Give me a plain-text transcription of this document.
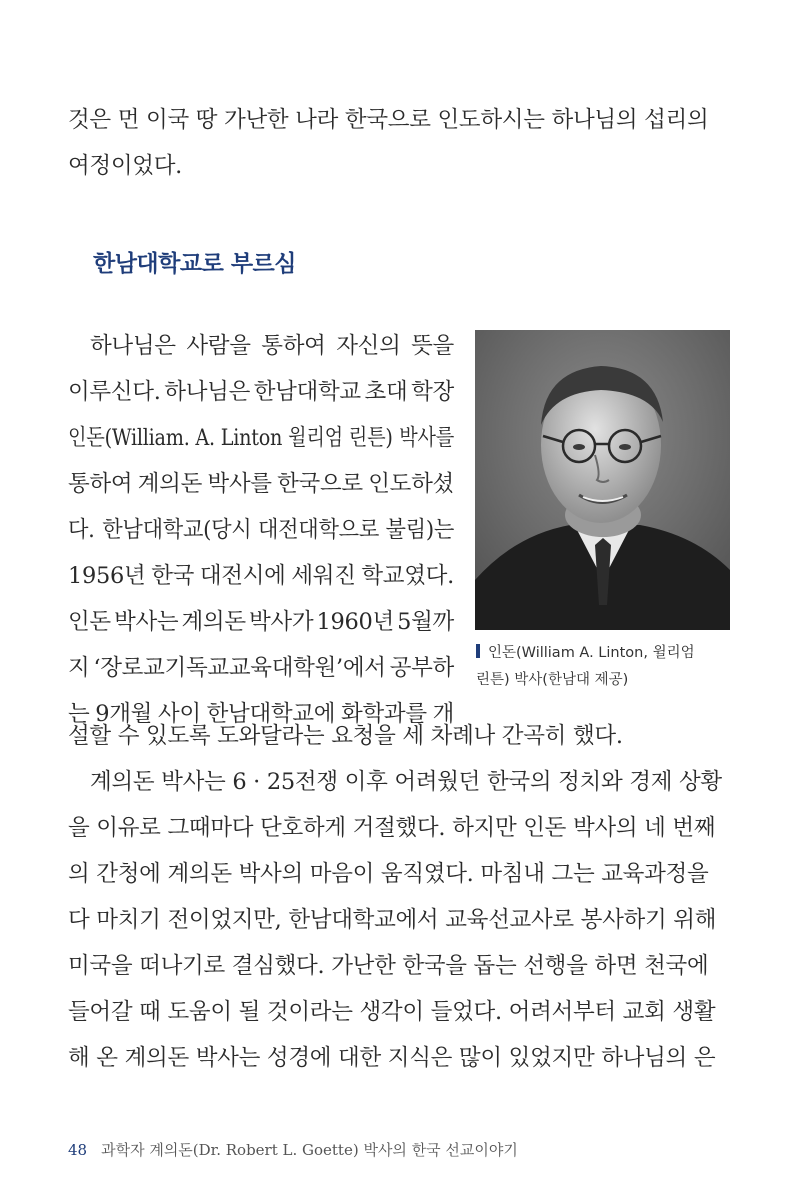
것은 먼 이국 땅 가난한 나라 한국으로 인도하시는 하나님의 섭리의
여정이었다.
한남대학교로 부르심
하나님은 사람을 통하여 자신의 뜻을
이루신다. 하나님은 한남대학교 초대 학장
인돈(William. A. Linton 윌리엄 린튼) 박사를
통하여 계의돈 박사를 한국으로 인도하셨
다. 한남대학교(당시 대전대학으로 불림)는
1956년 한국 대전시에 세워진 학교였다.
인돈 박사는 계의돈 박사가 1960년 5월까
지 ‘장로교기독교교육대학원’에서 공부하
는 9개월 사이 한남대학교에 화학과를 개
인돈(William A. Linton, 윌리엄
린튼) 박사(한남대 제공)
설할 수 있도록 도와달라는 요청을 세 차례나 간곡히 했다.
계의돈 박사는 6 · 25전쟁 이후 어려웠던 한국의 정치와 경제 상황
을 이유로 그때마다 단호하게 거절했다. 하지만 인돈 박사의 네 번째
의 간청에 계의돈 박사의 마음이 움직였다. 마침내 그는 교육과정을
다 마치기 전이었지만, 한남대학교에서 교육선교사로 봉사하기 위해
미국을 떠나기로 결심했다. 가난한 한국을 돕는 선행을 하면 천국에
들어갈 때 도움이 될 것이라는 생각이 들었다. 어려서부터 교회 생활
해 온 계의돈 박사는 성경에 대한 지식은 많이 있었지만 하나님의 은
48 과학자 계의돈(Dr. Robert L. Goette) 박사의 한국 선교이야기
